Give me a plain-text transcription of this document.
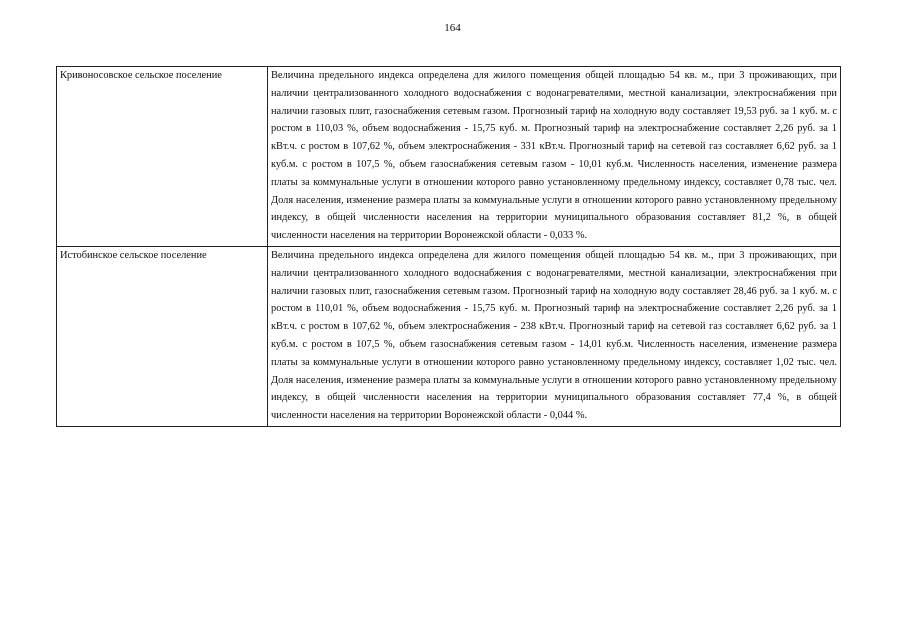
164
Кривоносовское сельское поселение	Величина предельного индекса определена для жилого помещения общей площадью 54 кв. м., при 3 проживающих, при наличии централизованного холодного водоснабжения с водонагревателями, местной канализации, электроснабжения при наличии газовых плит, газоснабжения сетевым газом. Прогнозный тариф на холодную воду составляет 19,53 руб. за 1 куб. м. с ростом в 110,03 %, объем водоснабжения - 15,75 куб. м. Прогнозный тариф на электроснабжение составляет 2,26 руб. за 1 кВт.ч. с ростом в 107,62 %, объем электроснабжения - 331 кВт.ч. Прогнозный тариф на сетевой газ составляет 6,62 руб. за 1 куб.м. с ростом в 107,5 %, объем газоснабжения сетевым газом - 10,01 куб.м. Численность населения, изменение размера платы за коммунальные услуги в отношении которого равно установленному предельному индексу, составляет 0,78 тыс. чел. Доля населения, изменение размера платы за коммунальные услуги в отношении которого равно установленному предельному индексу, в общей численности населения на территории муниципального образования составляет 81,2 %, в общей численности населения на территории Воронежской области - 0,033 %.
Истобинское сельское поселение	Величина предельного индекса определена для жилого помещения общей площадью 54 кв. м., при 3 проживающих, при наличии централизованного холодного водоснабжения с водонагревателями, местной канализации, электроснабжения при наличии газовых плит, газоснабжения сетевым газом. Прогнозный тариф на холодную воду составляет 28,46 руб. за 1 куб. м. с ростом в 110,01 %, объем водоснабжения - 15,75 куб. м. Прогнозный тариф на электроснабжение составляет 2,26 руб. за 1 кВт.ч. с ростом в 107,62 %, объем электроснабжения - 238 кВт.ч. Прогнозный тариф на сетевой газ составляет 6,62 руб. за 1 куб.м. с ростом в 107,5 %, объем газоснабжения сетевым газом - 14,01 куб.м. Численность населения, изменение размера платы за коммунальные услуги в отношении которого равно установленному предельному индексу, составляет 1,02 тыс. чел. Доля населения, изменение размера платы за коммунальные услуги в отношении которого равно установленному предельному индексу, в общей численности населения на территории муниципального образования составляет 77,4 %, в общей численности населения на территории Воронежской области - 0,044 %.
